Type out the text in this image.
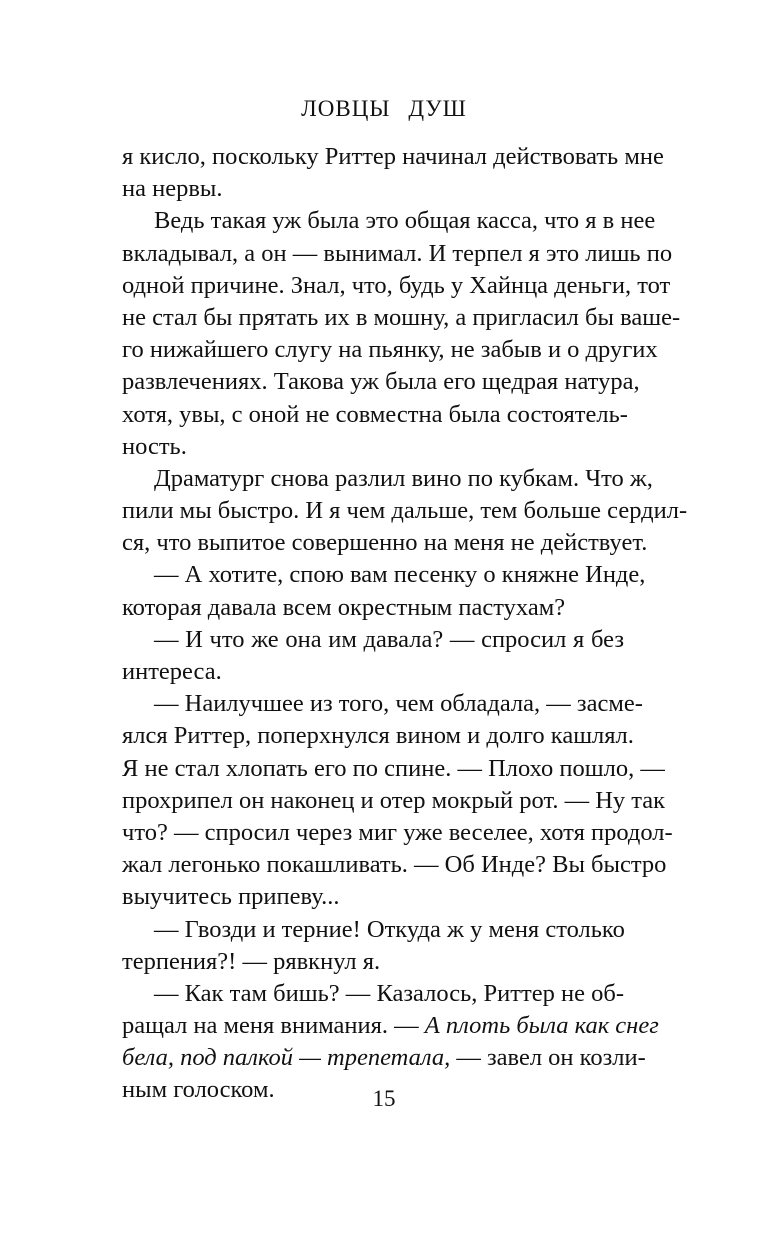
ЛОВЦЫ ДУШ
я кисло, поскольку Риттер начинал действовать мне
на нервы.
Ведь такая уж была это общая касса, что я в нее
вкладывал, а он — вынимал. И терпел я это лишь по
одной причине. Знал, что, будь у Хайнца деньги, тот
не стал бы прятать их в мошну, а пригласил бы ваше-
го нижайшего слугу на пьянку, не забыв и о других
развлечениях. Такова уж была его щедрая натура,
хотя, увы, с оной не совместна была состоятель-
ность.
Драматург снова разлил вино по кубкам. Что ж,
пили мы быстро. И я чем дальше, тем больше сердил-
ся, что выпитое совершенно на меня не действует.
— А хотите, спою вам песенку о княжне Инде,
которая давала всем окрестным пастухам?
— И что же она им давала? — спросил я без
интереса.
— Наилучшее из того, чем обладала, — засме-
ялся Риттер, поперхнулся вином и долго кашлял.
Я не стал хлопать его по спине. — Плохо пошло, —
прохрипел он наконец и отер мокрый рот. — Ну так
что? — спросил через миг уже веселее, хотя продол-
жал легонько покашливать. — Об Инде? Вы быстро
выучитесь припеву...
— Гвозди и терние! Откуда ж у меня столько
терпения?! — рявкнул я.
— Как там бишь? — Казалось, Риттер не об-
ращал на меня внимания. — А плоть была как снег
бела, под палкой — трепетала, — завел он козли-
ным голоском.	15
